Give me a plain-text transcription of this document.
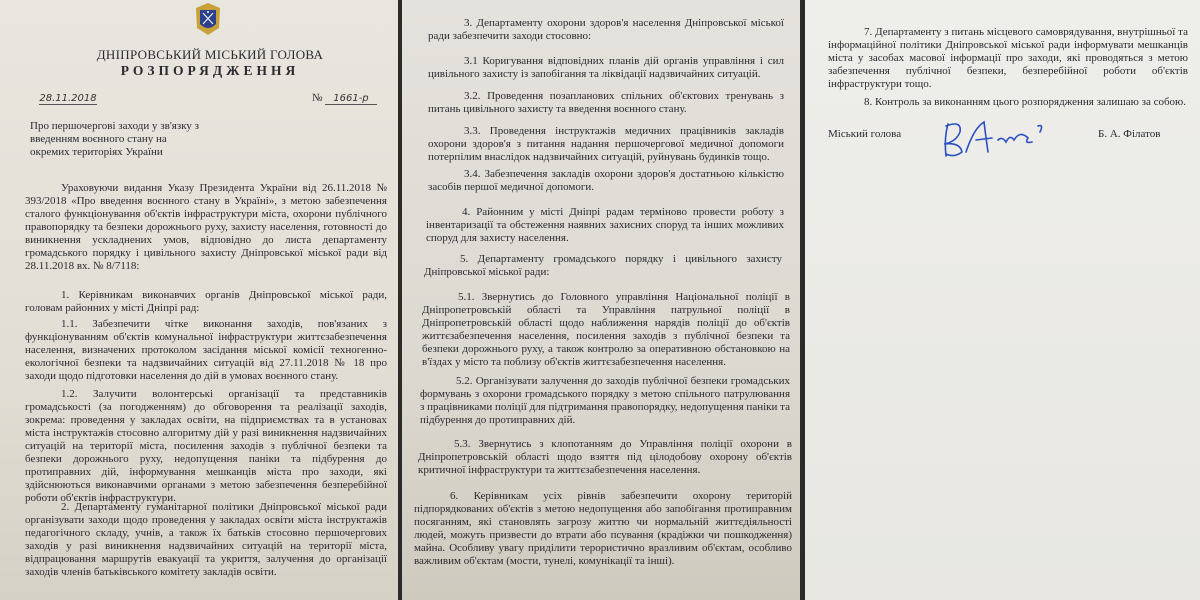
ДНІПРОВСЬКИЙ МІСЬКИЙ ГОЛОВА
РОЗПОРЯДЖЕННЯ
28.11.2018	№ 1661-р
Про першочергові заходи у зв'язку з введенням воєнного стану на окремих територіях України
Ураховуючи видання Указу Президента України від 26.11.2018 № 393/2018 «Про введення воєнного стану в Україні», з метою забезпечення сталого функціонування об'єктів інфраструктури міста, охорони публічного правопорядку та безпеки дорожнього руху, захисту населення, готовності до виникнення ускладнених умов, відповідно до листа департаменту громадського порядку і цивільного захисту Дніпровської міської ради від 28.11.2018 вх. № 8/7118:
1. Керівникам виконавчих органів Дніпровської міської ради, головам районних у місті Дніпрі рад:
1.1. Забезпечити чітке виконання заходів, пов'язаних з функціонуванням об'єктів комунальної інфраструктури життєзабезпечення населення, визначених протоколом засідання міської комісії техногенно-екологічної безпеки та надзвичайних ситуацій від 27.11.2018 № 18 про заходи щодо підготовки населення до дій в умовах воєнного стану.
1.2. Залучити волонтерські організації та представників громадськості (за погодженням) до обговорення та реалізації заходів, зокрема: проведення у закладах освіти, на підприємствах та в установах міста інструктажів стосовно алгоритму дій у разі виникнення надзвичайних ситуацій на території міста, посилення заходів з публічної безпеки та безпеки дорожнього руху, недопущення паніки та підбурення до протиправних дій, інформування мешканців міста про заходи, які здійснюються виконавчими органами з метою забезпечення безперебійної роботи об'єктів інфраструктури.
2. Департаменту гуманітарної політики Дніпровської міської ради організувати заходи щодо проведення у закладах освіти міста інструктажів педагогічного складу, учнів, а також їх батьків стосовно першочергових заходів у разі виникнення надзвичайних ситуацій на території міста, відпрацювання маршрутів евакуації та укриття, залучення до організації заходів членів батьківського комітету закладів освіти.
3. Департаменту охорони здоров'я населення Дніпровської міської ради забезпечити заходи стосовно:
3.1 Коригування відповідних планів дій органів управління і сил цивільного захисту із запобігання та ліквідації надзвичайних ситуацій.
3.2. Проведення позапланових спільних об'єктових тренувань з питань цивільного захисту та введення воєнного стану.
3.3. Проведення інструктажів медичних працівників закладів охорони здоров'я з питання надання першочергової медичної допомоги потерпілим внаслідок надзвичайних ситуацій, руйнувань будинків тощо.
3.4. Забезпечення закладів охорони здоров'я достатньою кількістю засобів першої медичної допомоги.
4. Районним у місті Дніпрі радам терміново провести роботу з інвентаризації та обстеження наявних захисних споруд та інших можливих споруд для захисту населення.
5. Департаменту громадського порядку і цивільного захисту Дніпровської міської ради:
5.1. Звернутись до Головного управління Національної поліції в Дніпропетровській області та Управління патрульної поліції в Дніпропетровській області щодо наближення нарядів поліції до об'єктів життєзабезпечення населення, посилення заходів з публічної безпеки та безпеки дорожнього руху, а також контролю за оперативною обстановкою на в'їздах у місто та поблизу об'єктів життєзабезпечення населення.
5.2. Організувати залучення до заходів публічної безпеки громадських формувань з охорони громадського порядку з метою спільного патрулювання з працівниками поліції для підтримання правопорядку, недопущення паніки та підбурення до протиправних дій.
5.3. Звернутись з клопотанням до Управління поліції охорони в Дніпропетровській області щодо взяття під цілодобову охорону об'єктів критичної інфраструктури та життєзабезпечення населення.
6. Керівникам усіх рівнів забезпечити охорону територій підпорядкованих об'єктів з метою недопущення або запобігання протиправним посяганням, які становлять загрозу життю чи нормальній життєдіяльності людей, можуть призвести до втрати або псування (крадіжки чи пошкодження) майна. Особливу увагу приділити терористично вразливим об'єктам, особливо важливим об'єктам (мости, тунелі, комунікації та інші).
7. Департаменту з питань місцевого самоврядування, внутрішньої та інформаційної політики Дніпровської міської ради інформувати мешканців міста у засобах масової інформації про заходи, які проводяться з метою забезпечення публічної безпеки, безперебійної роботи об'єктів інфраструктури тощо.
8. Контроль за виконанням цього розпорядження залишаю за собою.
Міський голова	Б. А. Філатов
